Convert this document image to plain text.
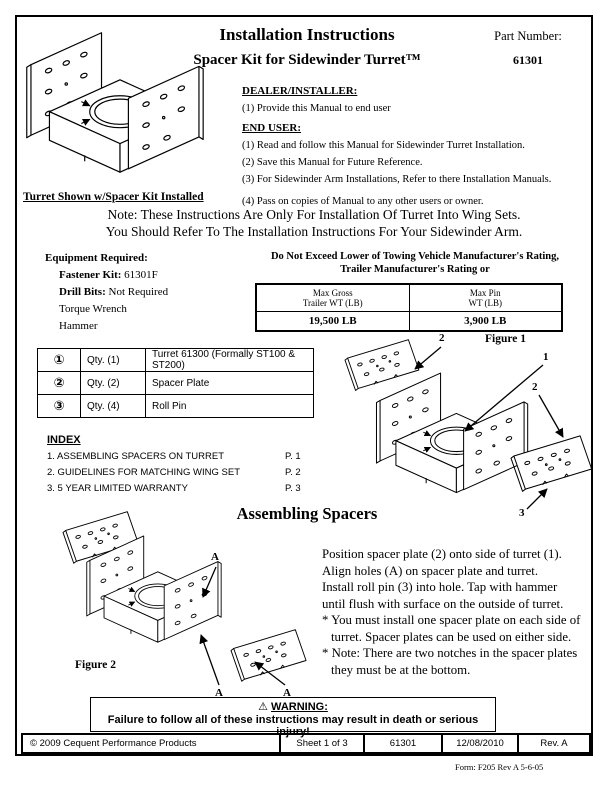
Installation Instructions
Spacer Kit for Sidewinder Turret™
Part Number:
61301
Turret Shown w/Spacer Kit Installed
DEALER/INSTALLER:
(1) Provide this Manual to end user
END USER:
(1) Read and follow this Manual for Sidewinder Turret Installation.
(2) Save this Manual for Future Reference.
(3) For Sidewinder Arm Installations, Refer to there Installation Manuals.
(4) Pass on copies of Manual to any other users or owner.
Note: These Instructions Are Only For Installation Of Turret Into Wing Sets.
You Should Refer To The Installation Instructions For Your Sidewinder Arm.
Equipment Required:
Fastener Kit: 61301F
Drill Bits: Not Required
Torque Wrench
Hammer
Do Not Exceed Lower of Towing Vehicle Manufacturer's Rating,
Trailer Manufacturer's Rating or
Max Gross
Trailer WT (LB)

Max Pin
WT (LB)

19,500 LB	3,900 LB
①	Qty. (1)	Turret 61300 (Formally ST100 & ST200)
②	Qty. (2)	Spacer Plate
③	Qty. (4)	Roll Pin
INDEX
1. ASSEMBLING SPACERS ON TURRET	P. 1
2. GUIDELINES FOR MATCHING WING SET	P. 2
3. 5 YEAR LIMITED WARRANTY	P. 3
Figure 1
2
1
2
3
Assembling Spacers
Figure 2
A
A	A
Position spacer plate (2) onto side of turret (1).
Align holes (A) on spacer plate and turret.
Install roll pin (3) into hole. Tap with hammer
until flush with surface on the outside of turret.
* You must install one spacer plate on each side of
turret. Spacer plates can be used on either side.
* Note: There are two notches in the spacer plates
they must be at the bottom.
⚠ WARNING:
Failure to follow all of these instructions may result in death or serious injury!
© 2009 Cequent Performance Products	Sheet 1 of 3	61301	12/08/2010	Rev. A
Form: F205 Rev A 5-6-05
